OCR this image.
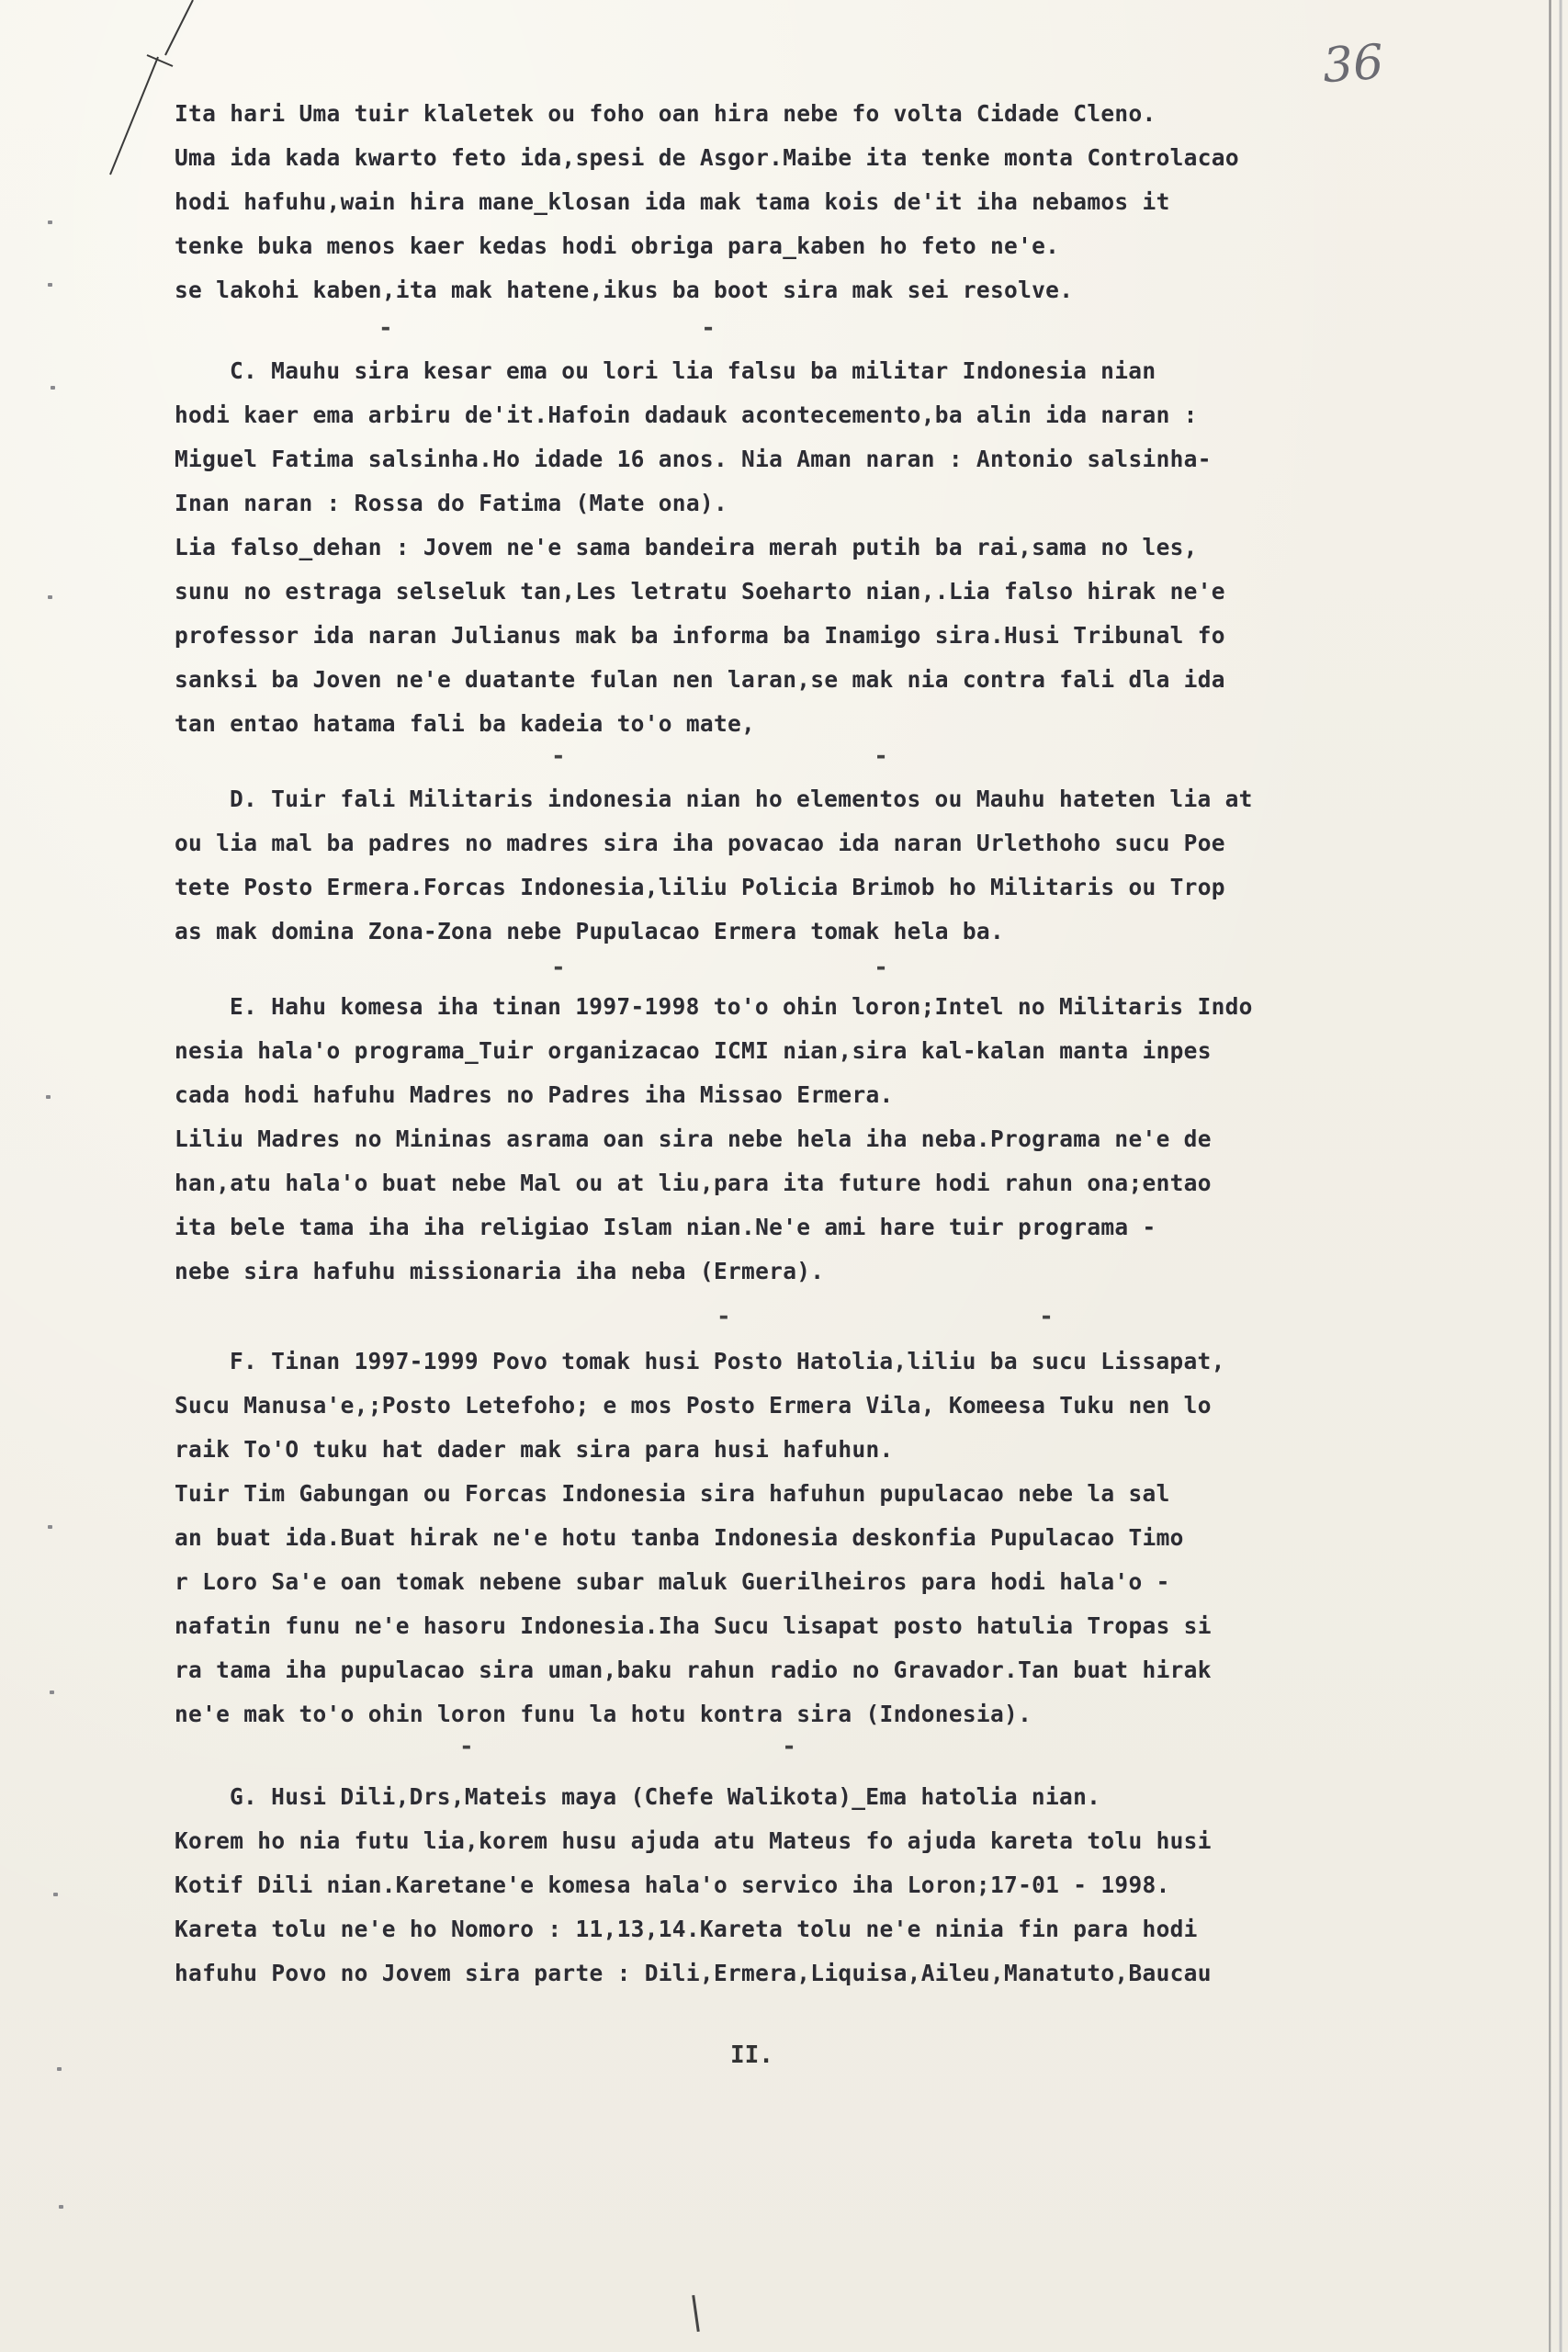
36
Ita hari Uma tuir klaletek ou foho oan hira nebe fo volta Cidade Cleno.
Uma ida kada kwarto feto ida,spesi de Asgor.Maibe ita tenke monta Controlacao
hodi hafuhu,wain hira mane_klosan ida mak tama kois de'it iha nebamos it
tenke buka menos kaer kedas hodi obriga para_kaben ho feto ne'e.
se lakohi kaben,ita mak hatene,ikus ba boot sira mak sei resolve.
- -
C. Mauhu sira kesar ema ou lori lia falsu ba militar Indonesia nian
hodi kaer ema arbiru de'it.Hafoin dadauk acontecemento,ba alin ida naran :
Miguel Fatima salsinha.Ho idade 16 anos. Nia Aman naran : Antonio salsinha-
Inan naran : Rossa do Fatima (Mate ona).
Lia falso_dehan : Jovem ne'e sama bandeira merah putih ba rai,sama no les,
sunu no estraga selseluk tan,Les letratu Soeharto nian,.Lia falso hirak ne'e
professor ida naran Julianus mak ba informa ba Inamigo sira.Husi Tribunal fo
sanksi ba Joven ne'e duatante fulan nen laran,se mak nia contra fali dla ida
tan entao hatama fali ba kadeia to'o mate,
- -
D. Tuir fali Militaris indonesia nian ho elementos ou Mauhu hateten lia at
ou lia mal ba padres no madres sira iha povacao ida naran Urlethoho sucu Poe
tete Posto Ermera.Forcas Indonesia,liliu Policia Brimob ho Militaris ou Trop
as mak domina Zona-Zona nebe Pupulacao Ermera tomak hela ba.
- -
E. Hahu komesa iha tinan 1997-1998 to'o ohin loron;Intel no Militaris Indo
nesia hala'o programa_Tuir organizacao ICMI nian,sira kal-kalan manta inpes
cada hodi hafuhu Madres no Padres iha Missao Ermera.
Liliu Madres no Mininas asrama oan sira nebe hela iha neba.Programa ne'e de
han,atu hala'o buat nebe Mal ou at liu,para ita future hodi rahun ona;entao
ita bele tama iha iha religiao Islam nian.Ne'e ami hare tuir programa -
nebe sira hafuhu missionaria iha neba (Ermera).
- -
F. Tinan 1997-1999 Povo tomak husi Posto Hatolia,liliu ba sucu Lissapat,
Sucu Manusa'e,;Posto Letefoho; e mos Posto Ermera Vila, Komeesa Tuku nen lo
raik To'O tuku hat dader mak sira para husi hafuhun.
Tuir Tim Gabungan ou Forcas Indonesia sira hafuhun pupulacao nebe la sal
an buat ida.Buat hirak ne'e hotu tanba Indonesia deskonfia Pupulacao Timo
r Loro Sa'e oan tomak nebene subar maluk Guerilheiros para hodi hala'o -
nafatin funu ne'e hasoru Indonesia.Iha Sucu lisapat posto hatulia Tropas si
ra tama iha pupulacao sira uman,baku rahun radio no Gravador.Tan buat hirak
ne'e mak to'o ohin loron funu la hotu kontra sira (Indonesia).
- -
G. Husi Dili,Drs,Mateis maya (Chefe Walikota)_Ema hatolia nian.
Korem ho nia futu lia,korem husu ajuda atu Mateus fo ajuda kareta tolu husi
Kotif Dili nian.Karetane'e komesa hala'o servico iha Loron;17-01 - 1998.
Kareta tolu ne'e ho Nomoro : 11,13,14.Kareta tolu ne'e ninia fin para hodi
hafuhu Povo no Jovem sira parte : Dili,Ermera,Liquisa,Aileu,Manatuto,Baucau
II.
